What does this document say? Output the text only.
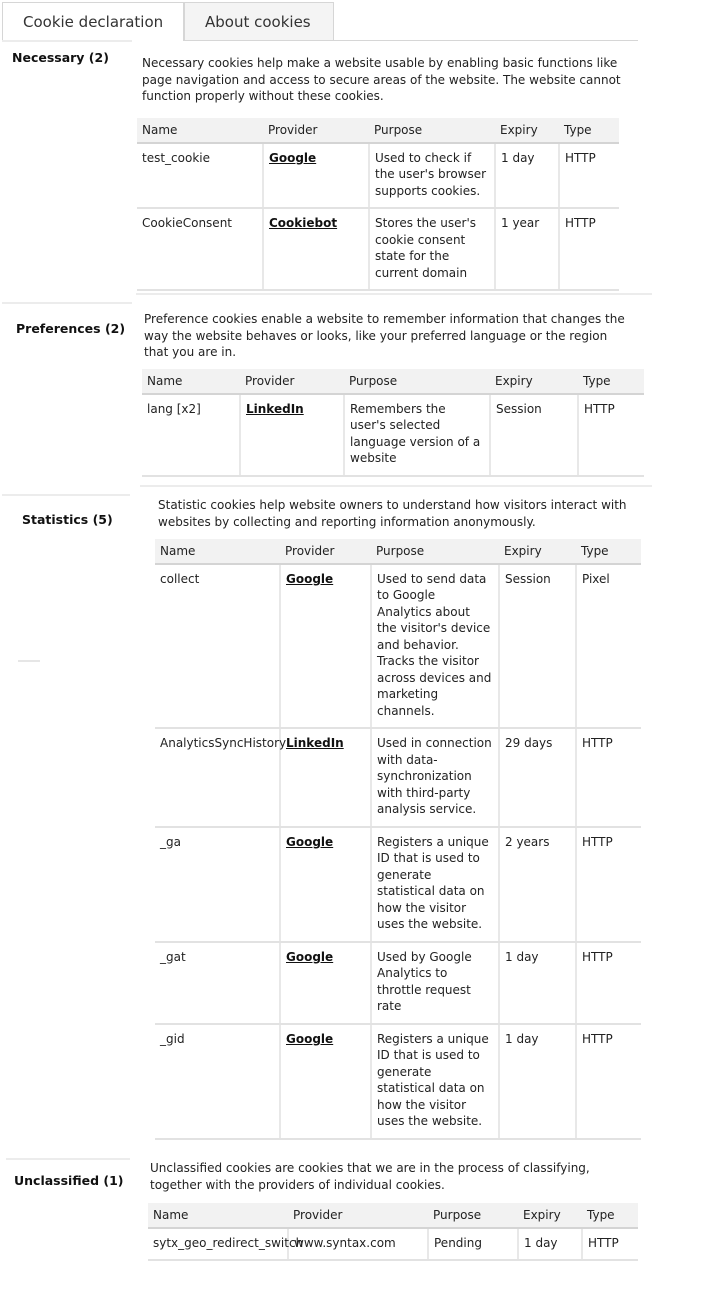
Cookie declaration	About cookies
Necessary (2)	Necessary cookies help make a website usable by enabling basic functions like page navigation and access to secure areas of the website. The website cannot function properly without these cookies.
Name	Provider	Purpose	Expiry	Type
test_cookie	Google	Used to check if the user's browser supports cookies.	1 day	HTTP
CookieConsent	Cookiebot	Stores the user's cookie consent state for the current domain	1 year	HTTP
Preferences (2)
Preference cookies enable a website to remember information that changes the way the website behaves or looks, like your preferred language or the region that you are in.
Name	Provider	Purpose	Expiry	Type
lang [x2]	LinkedIn	Remembers the user's selected language version of a website	Session	HTTP
Statistics (5)
Statistic cookies help website owners to understand how visitors interact with websites by collecting and reporting information anonymously.
Name	Provider	Purpose	Expiry	Type
collect	Google	Used to send data to Google Analytics about the visitor's device and behavior. Tracks the visitor across devices and marketing channels.	Session	Pixel
AnalyticsSyncHistory	LinkedIn	Used in connection with data-synchronization with third-party analysis service.	29 days	HTTP
_ga	Google	Registers a unique ID that is used to generate statistical data on how the visitor uses the website.	2 years	HTTP
_gat	Google	Used by Google Analytics to throttle request rate	1 day	HTTP
_gid	Google	Registers a unique ID that is used to generate statistical data on how the visitor uses the website.	1 day	HTTP
Unclassified (1)
Unclassified cookies are cookies that we are in the process of classifying, together with the providers of individual cookies.
Name	Provider	Purpose	Expiry	Type
sytx_geo_redirect_switch	www.syntax.com	Pending	1 day	HTTP
